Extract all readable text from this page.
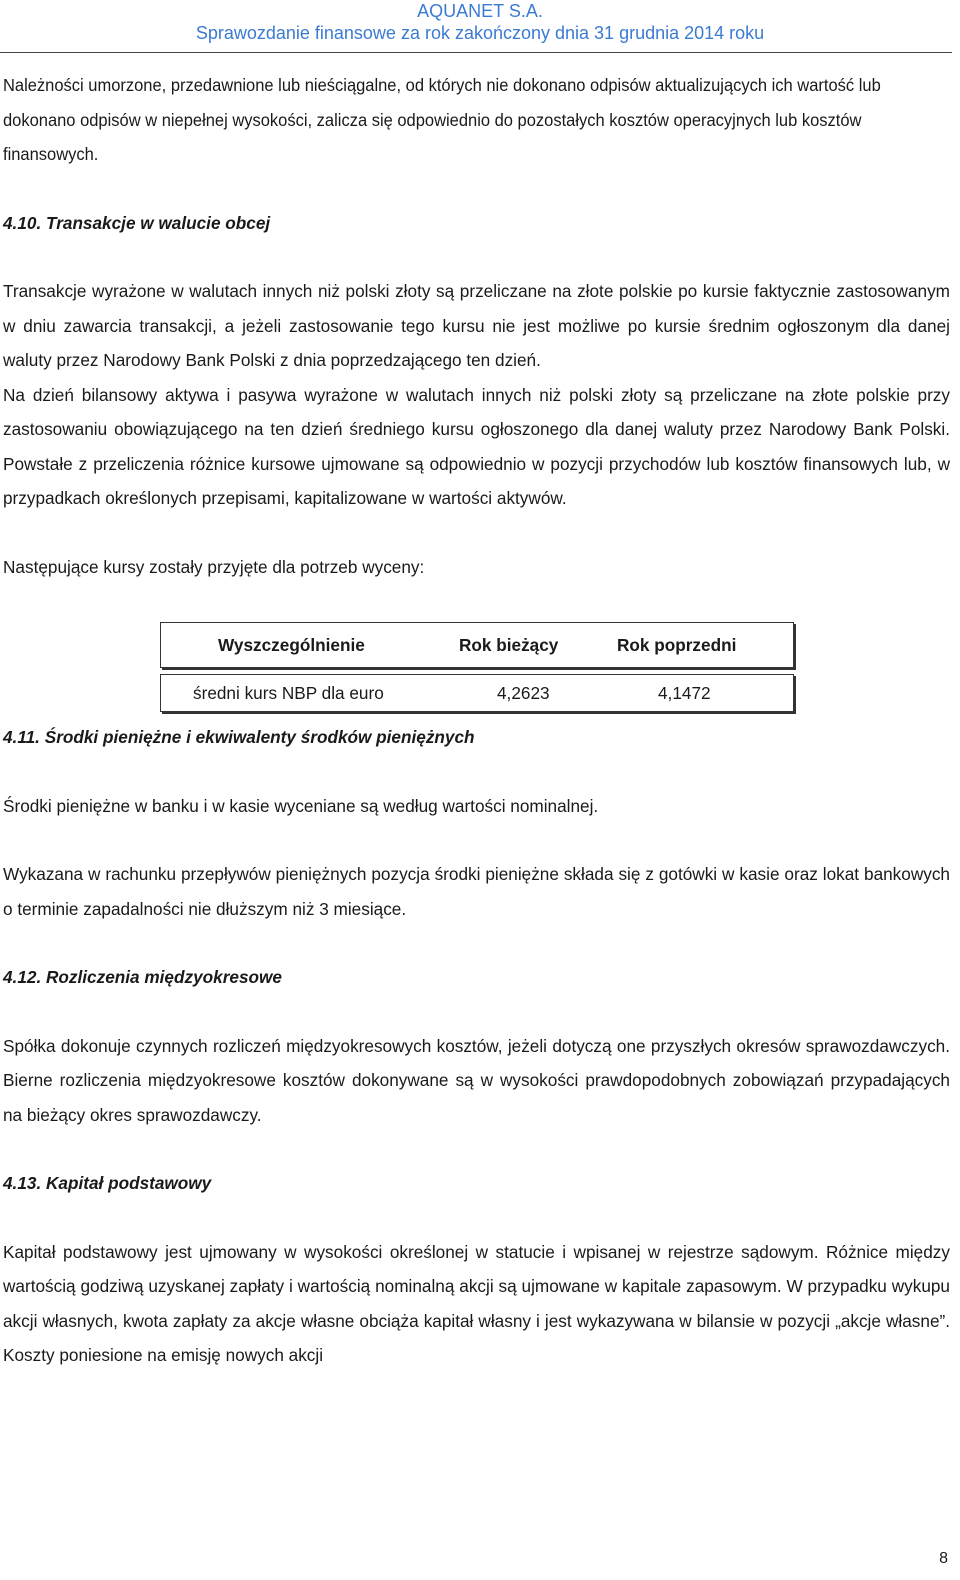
AQUANET S.A.
Sprawozdanie finansowe za rok zakończony dnia 31 grudnia 2014 roku

Należności umorzone, przedawnione lub nieściągalne, od których nie dokonano odpisów aktualizujących ich wartość lub dokonano odpisów w niepełnej wysokości, zalicza się odpowiednio do pozostałych kosztów operacyjnych lub kosztów finansowych.

4.10. Transakcje w walucie obcej

Transakcje wyrażone w walutach innych niż polski złoty są przeliczane na złote polskie po kursie faktycznie zastosowanym w dniu zawarcia transakcji, a jeżeli zastosowanie tego kursu nie jest możliwe po kursie średnim ogłoszonym dla danej waluty przez Narodowy Bank Polski z dnia poprzedzającego ten dzień.

Na dzień bilansowy aktywa i pasywa wyrażone w walutach innych niż polski złoty są przeliczane na złote polskie przy zastosowaniu obowiązującego na ten dzień średniego kursu ogłoszonego dla danej waluty przez Narodowy Bank Polski. Powstałe z przeliczenia różnice kursowe ujmowane są odpowiednio w pozycji przychodów lub kosztów finansowych lub, w przypadkach określonych przepisami, kapitalizowane w wartości aktywów.

Następujące kursy zostały przyjęte dla potrzeb wyceny:

Wyszczególnienie	Rok bieżący	Rok poprzedni
średni kurs NBP dla euro	4,2623	4,1472
4.11. Środki pieniężne i ekwiwalenty środków pieniężnych

Środki pieniężne w banku i w kasie wyceniane są według wartości nominalnej.

Wykazana w rachunku przepływów pieniężnych pozycja środki pieniężne składa się z gotówki w kasie oraz lokat bankowych o terminie zapadalności nie dłuższym niż 3 miesiące.

4.12. Rozliczenia międzyokresowe

Spółka dokonuje czynnych rozliczeń międzyokresowych kosztów, jeżeli dotyczą one przyszłych okresów sprawozdawczych. Bierne rozliczenia międzyokresowe kosztów dokonywane są w wysokości prawdopodobnych zobowiązań przypadających na bieżący okres sprawozdawczy.

4.13. Kapitał podstawowy

Kapitał podstawowy jest ujmowany w wysokości określonej w statucie i wpisanej w rejestrze sądowym. Różnice między wartością godziwą uzyskanej zapłaty i wartością nominalną akcji są ujmowane w kapitale zapasowym. W przypadku wykupu akcji własnych, kwota zapłaty za akcje własne obciąża kapitał własny i jest wykazywana w bilansie w pozycji „akcje własne”. Koszty poniesione na emisję nowych akcji

8
